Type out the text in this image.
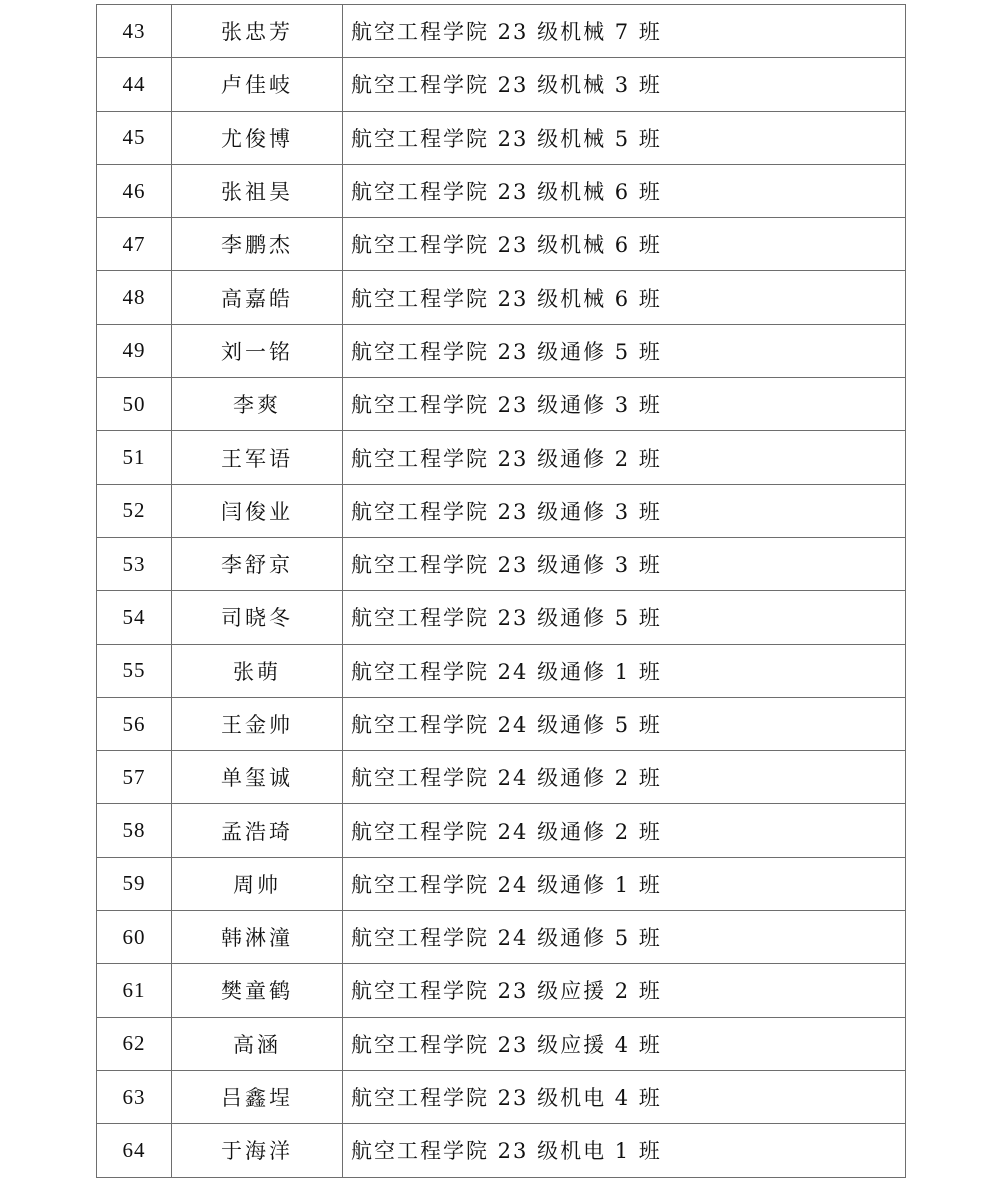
43	张忠芳	航空工程学院 23 级机械 7 班
44	卢佳岐	航空工程学院 23 级机械 3 班
45	尤俊博	航空工程学院 23 级机械 5 班
46	张祖昊	航空工程学院 23 级机械 6 班
47	李鹏杰	航空工程学院 23 级机械 6 班
48	高嘉皓	航空工程学院 23 级机械 6 班
49	刘一铭	航空工程学院 23 级通修 5 班
50	李爽	航空工程学院 23 级通修 3 班
51	王军语	航空工程学院 23 级通修 2 班
52	闫俊业	航空工程学院 23 级通修 3 班
53	李舒京	航空工程学院 23 级通修 3 班
54	司晓冬	航空工程学院 23 级通修 5 班
55	张萌	航空工程学院 24 级通修 1 班
56	王金帅	航空工程学院 24 级通修 5 班
57	单玺诚	航空工程学院 24 级通修 2 班
58	孟浩琦	航空工程学院 24 级通修 2 班
59	周帅	航空工程学院 24 级通修 1 班
60	韩淋潼	航空工程学院 24 级通修 5 班
61	樊童鹤	航空工程学院 23 级应援 2 班
62	高涵	航空工程学院 23 级应援 4 班
63	吕鑫埕	航空工程学院 23 级机电 4 班
64	于海洋	航空工程学院 23 级机电 1 班
